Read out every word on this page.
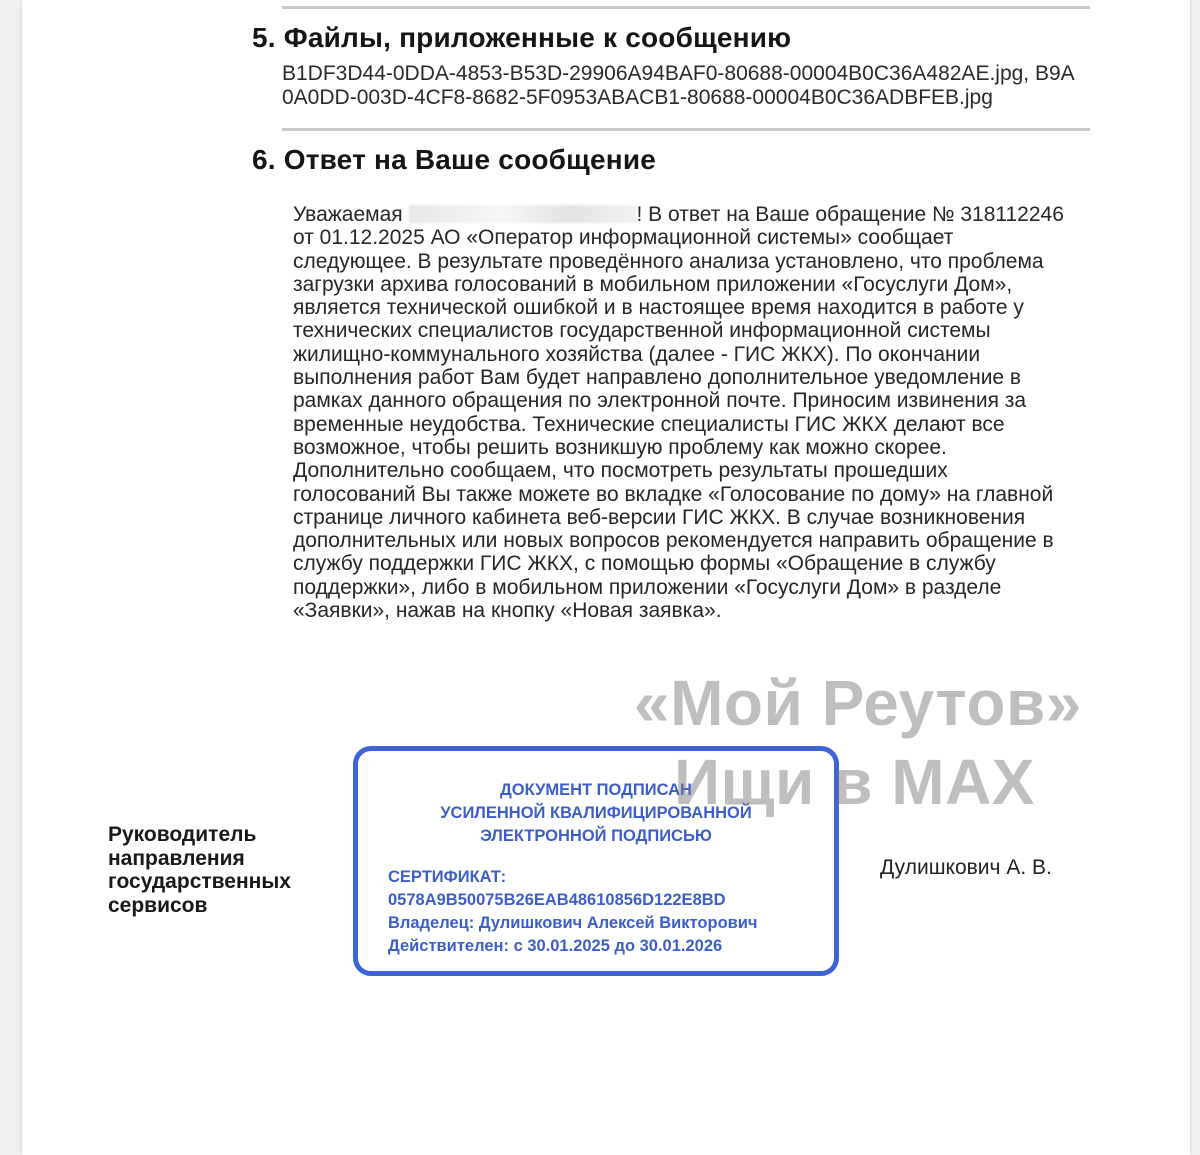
5. Файлы, приложенные к сообщению
B1DF3D44-0DDA-4853-B53D-29906A94BAF0-80688-00004B0C36A482AE.jpg, B9A0A0DD-003D-4CF8-8682-5F0953ABACB1-80688-00004B0C36ADBFEB.jpg
6. Ответ на Ваше сообщение

Уважаемая	! В ответ на Ваше обращение № 318112246 от 01.12.2025 АО «Оператор информационной системы» сообщает следующее. В результате проведённого анализа установлено, что проблема загрузки архива голосований в мобильном приложении «Госуслуги Дом», является технической ошибкой и в настоящее время находится в работе у технических специалистов государственной информационной системы жилищно-коммунального хозяйства (далее - ГИС ЖКХ). По окончании выполнения работ Вам будет направлено дополнительное уведомление в рамках данного обращения по электронной почте. Приносим извинения за временные неудобства. Технические специалисты ГИС ЖКХ делают все возможное, чтобы решить возникшую проблему как можно скорее. Дополнительно сообщаем, что посмотреть результаты прошедших голосований Вы также можете во вкладке «Голосование по дому» на главной странице личного кабинета веб-версии ГИС ЖКХ. В случае возникновения дополнительных или новых вопросов рекомендуется направить обращение в службу поддержки ГИС ЖКХ, с помощью формы «Обращение в службу поддержки», либо в мобильном приложении «Госуслуги Дом» в разделе «Заявки», нажав на кнопку «Новая заявка».

Руководитель направления государственных сервисов
ДОКУМЕНТ ПОДПИСАН
УСИЛЕННОЙ КВАЛИФИЦИРОВАННОЙ
ЭЛЕКТРОННОЙ ПОДПИСЬЮ
СЕРТИФИКАТ:
0578A9B50075B26EAB48610856D122E8BD
Владелец: Дулишкович Алексей Викторович
Действителен: с 30.01.2025 до 30.01.2026
Дулишкович А. В.
«Мой Реутов»
Ищи в MAX
